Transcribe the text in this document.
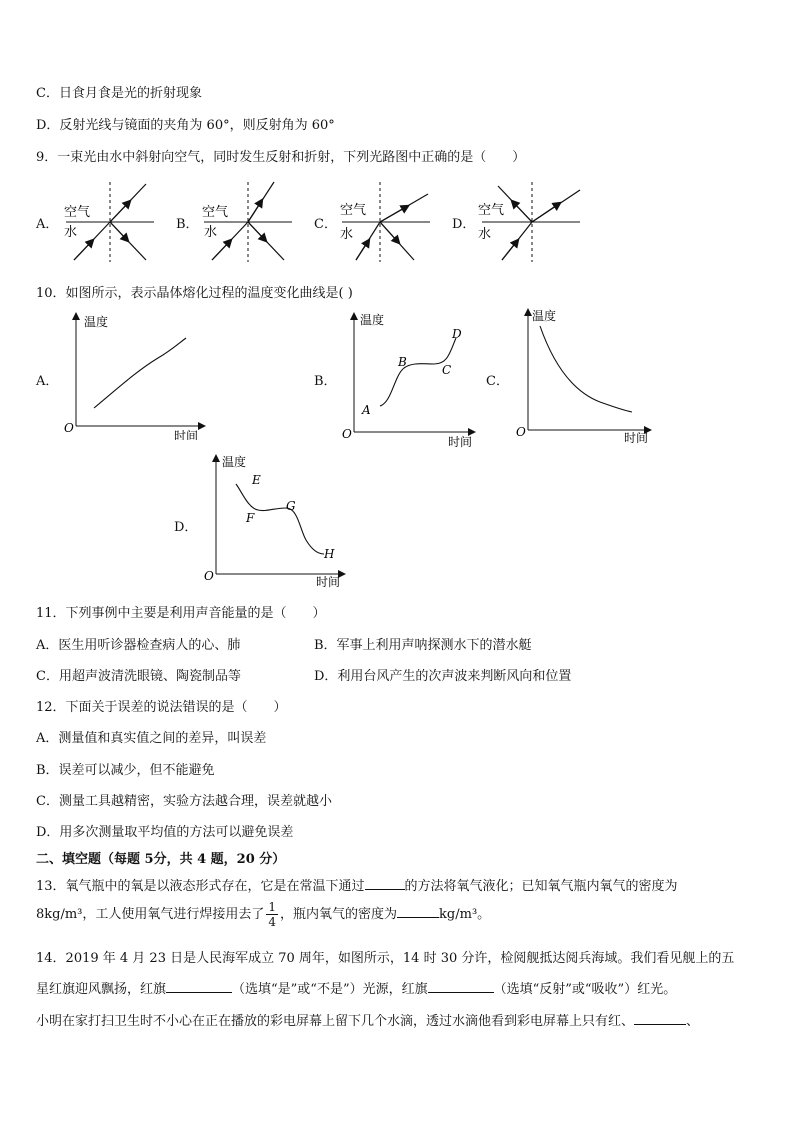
C．日食月食是光的折射现象
D．反射光线与镜面的夹角为 60°，则反射角为 60°
9．一束光由水中斜射向空气，同时发生反射和折射，下列光路图中正确的是（　　）
A．
空气
水
B．
空气
水
C．
空气
水
D．
空气
水
10．如图所示，表示晶体熔化过程的温度变化曲线是( )
A．
温度
时间
O
B．
温度
时间
O
A
B
C
D
C．
温度
时间
O
D．
温度
时间
O
E
F
G
H
11．下列事例中主要是利用声音能量的是（　　）
A．医生用听诊器检查病人的心、肺	B．军事上利用声呐探测水下的潜水艇
C．用超声波清洗眼镜、陶瓷制品等	D．利用台风产生的次声波来判断风向和位置
12．下面关于误差的说法错误的是（　　）
A．测量值和真实值之间的差异，叫误差
B．误差可以减少，但不能避免
C．测量工具越精密，实验方法越合理，误差就越小
D．用多次测量取平均值的方法可以避免误差
二、填空题（每题 5分，共 4 题，20 分）
13．氧气瓶中的氧是以液态形式存在，它是在常温下通过	的方法将氧气液化；已知氧气瓶内氧气的密度为
8kg/m³，工人使用氧气进行焊接用去了 $\frac{1}{4}$ ，瓶内氧气的密度为	kg/m³。
14．2019 年 4 月 23 日是人民海军成立 70 周年，如图所示，14 时 30 分许，检阅舰抵达阅兵海域。我们看见舰上的五
星红旗迎风飘扬，红旗	（选填“是”或“不是”）光源，红旗	（选填“反射”或“吸收”）红光。
小明在家打扫卫生时不小心在正在播放的彩电屏幕上留下几个水滴，透过水滴他看到彩电屏幕上只有红、	、
